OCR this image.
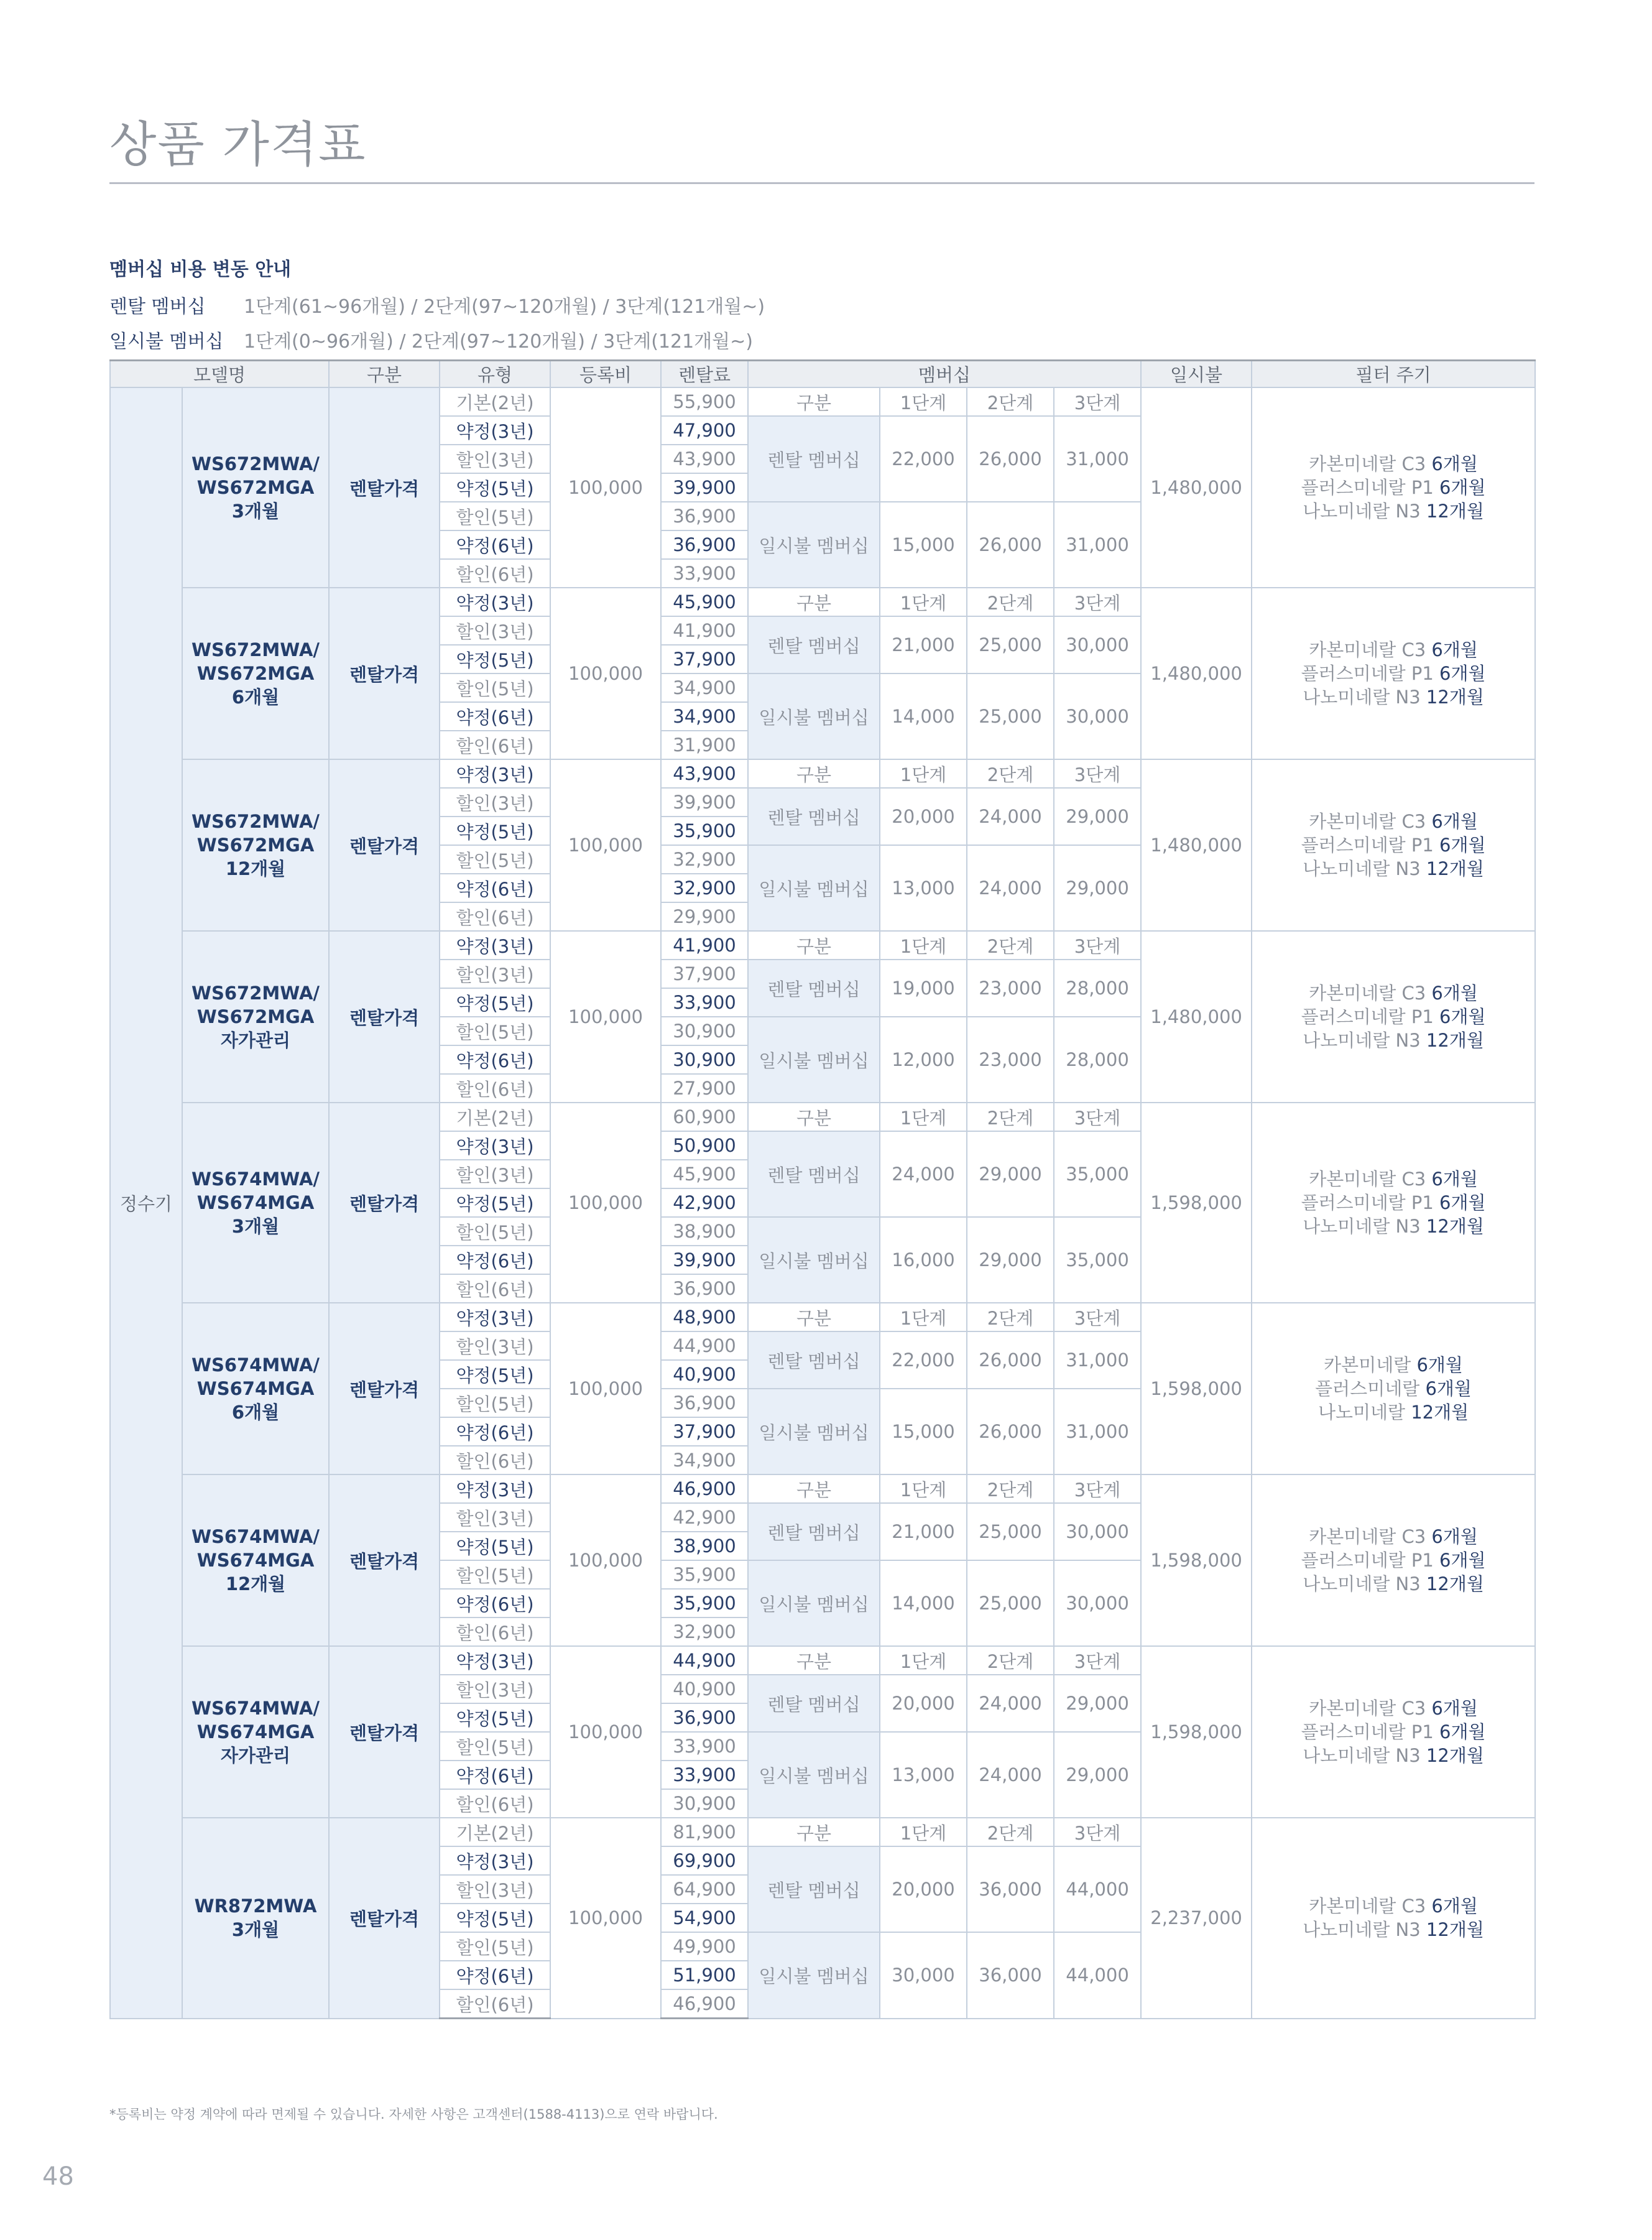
상품 가격표
멤버십 비용 변동 안내
렌탈 멤버십	1단계(61~96개월) / 2단계(97~120개월) / 3단계(121개월~)
일시불 멤버십	1단계(0~96개월) / 2단계(97~120개월) / 3단계(121개월~)
모델명		구분	유형	등록비	렌탈료	멤버십				일시불	필터 주기
정수기	WS672MWA/
WS672MGA
3개월	렌탈가격	기본(2년)	100,000	55,900	구분	1단계	2단계	3단계	1,480,000	카본미네랄 C3 6개월
플러스미네랄 P1 6개월
나노미네랄 N3 12개월
			약정(3년)		47,900	렌탈 멤버십	22,000	26,000	31,000		
			할인(3년)		43,900						
			약정(5년)		39,900						
			할인(5년)		36,900	일시불 멤버십	15,000	26,000	31,000		
			약정(6년)		36,900						
			할인(6년)		33,900						
	WS672MWA/
WS672MGA
6개월	렌탈가격	약정(3년)	100,000	45,900	구분	1단계	2단계	3단계	1,480,000	카본미네랄 C3 6개월
플러스미네랄 P1 6개월
나노미네랄 N3 12개월
			할인(3년)		41,900	렌탈 멤버십	21,000	25,000	30,000		
			약정(5년)		37,900						
			할인(5년)		34,900	일시불 멤버십	14,000	25,000	30,000		
			약정(6년)		34,900						
			할인(6년)		31,900						
	WS672MWA/
WS672MGA
12개월	렌탈가격	약정(3년)	100,000	43,900	구분	1단계	2단계	3단계	1,480,000	카본미네랄 C3 6개월
플러스미네랄 P1 6개월
나노미네랄 N3 12개월
			할인(3년)		39,900	렌탈 멤버십	20,000	24,000	29,000		
			약정(5년)		35,900						
			할인(5년)		32,900	일시불 멤버십	13,000	24,000	29,000		
			약정(6년)		32,900						
			할인(6년)		29,900						
	WS672MWA/
WS672MGA
자가관리	렌탈가격	약정(3년)	100,000	41,900	구분	1단계	2단계	3단계	1,480,000	카본미네랄 C3 6개월
플러스미네랄 P1 6개월
나노미네랄 N3 12개월
			할인(3년)		37,900	렌탈 멤버십	19,000	23,000	28,000		
			약정(5년)		33,900						
			할인(5년)		30,900	일시불 멤버십	12,000	23,000	28,000		
			약정(6년)		30,900						
			할인(6년)		27,900						
	WS674MWA/
WS674MGA
3개월	렌탈가격	기본(2년)	100,000	60,900	구분	1단계	2단계	3단계	1,598,000	카본미네랄 C3 6개월
플러스미네랄 P1 6개월
나노미네랄 N3 12개월
			약정(3년)		50,900	렌탈 멤버십	24,000	29,000	35,000		
			할인(3년)		45,900						
			약정(5년)		42,900						
			할인(5년)		38,900	일시불 멤버십	16,000	29,000	35,000		
			약정(6년)		39,900						
			할인(6년)		36,900						
	WS674MWA/
WS674MGA
6개월	렌탈가격	약정(3년)	100,000	48,900	구분	1단계	2단계	3단계	1,598,000	카본미네랄 6개월
플러스미네랄 6개월
나노미네랄 12개월
			할인(3년)		44,900	렌탈 멤버십	22,000	26,000	31,000		
			약정(5년)		40,900						
			할인(5년)		36,900	일시불 멤버십	15,000	26,000	31,000		
			약정(6년)		37,900						
			할인(6년)		34,900						
	WS674MWA/
WS674MGA
12개월	렌탈가격	약정(3년)	100,000	46,900	구분	1단계	2단계	3단계	1,598,000	카본미네랄 C3 6개월
플러스미네랄 P1 6개월
나노미네랄 N3 12개월
			할인(3년)		42,900	렌탈 멤버십	21,000	25,000	30,000		
			약정(5년)		38,900						
			할인(5년)		35,900	일시불 멤버십	14,000	25,000	30,000		
			약정(6년)		35,900						
			할인(6년)		32,900						
	WS674MWA/
WS674MGA
자가관리	렌탈가격	약정(3년)	100,000	44,900	구분	1단계	2단계	3단계	1,598,000	카본미네랄 C3 6개월
플러스미네랄 P1 6개월
나노미네랄 N3 12개월
			할인(3년)		40,900	렌탈 멤버십	20,000	24,000	29,000		
			약정(5년)		36,900						
			할인(5년)		33,900	일시불 멤버십	13,000	24,000	29,000		
			약정(6년)		33,900						
			할인(6년)		30,900						
	WR872MWA
3개월	렌탈가격	기본(2년)	100,000	81,900	구분	1단계	2단계	3단계	2,237,000	카본미네랄 C3 6개월
나노미네랄 N3 12개월
			약정(3년)		69,900	렌탈 멤버십	20,000	36,000	44,000		
			할인(3년)		64,900						
			약정(5년)		54,900						
			할인(5년)		49,900	일시불 멤버십	30,000	36,000	44,000		
			약정(6년)		51,900						
			할인(6년)		46,900						
*등록비는 약정 계약에 따라 면제될 수 있습니다. 자세한 사항은 고객센터(1588-4113)으로 연락 바랍니다.
48
